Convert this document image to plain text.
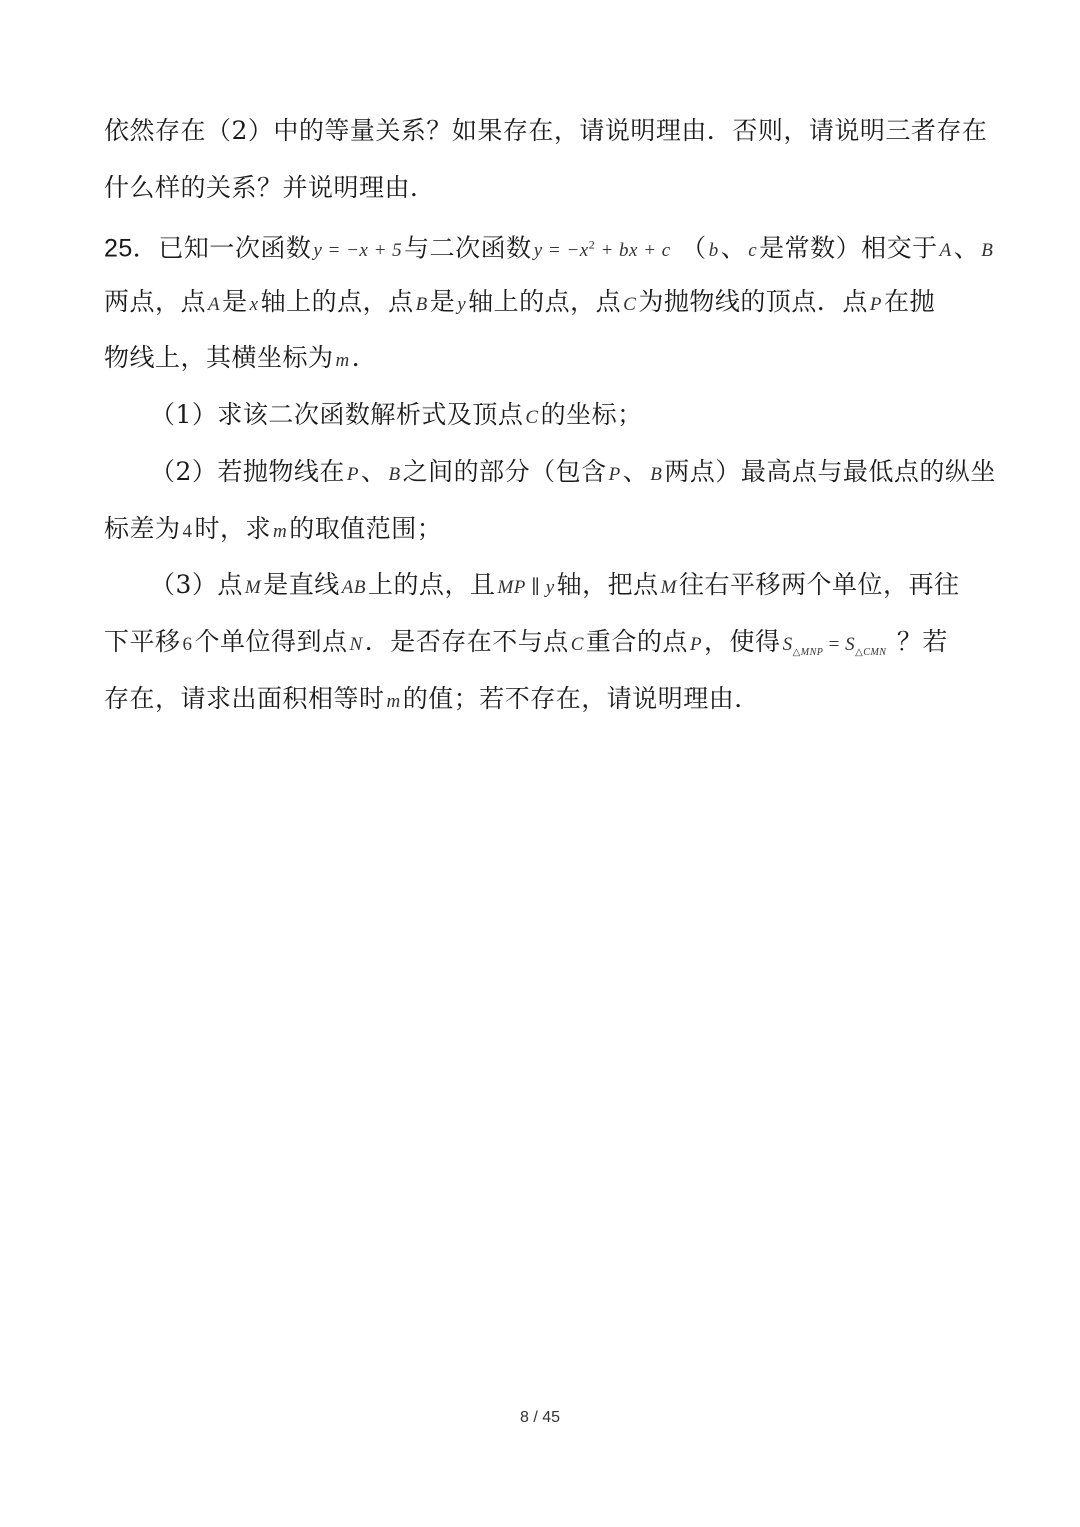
依然存在（2）中的等量关系？如果存在，请说明理由．否则，请说明三者存在
什么样的关系？并说明理由．
25．已知一次函数 y = −x + 5与二次函数 $y = -x^2$ + bx + c （ b、 c是常数）相交于 A、 B
两点，点 A是 x轴上的点，点 B是 y轴上的点，点 C为抛物线的顶点．点 P在抛
物线上，其横坐标为 m．
（1）求该二次函数解析式及顶点 C的坐标；
（2）若抛物线在 P、 B之间的部分（包含 P、 B两点）最高点与最低点的纵坐
标差为 4时，求 m的取值范围；
（3）点 M是直线 AB上的点，且 MP ∥ y轴，把点 M往右平移两个单位，再往
下平移 6个单位得到点 N．是否存在不与点 C重合的点 P，使得 $S_{\triangle MNP} = S_{\triangle CMN}$ ？若
存在，请求出面积相等时 m的值；若不存在，请说明理由．
8 / 45
